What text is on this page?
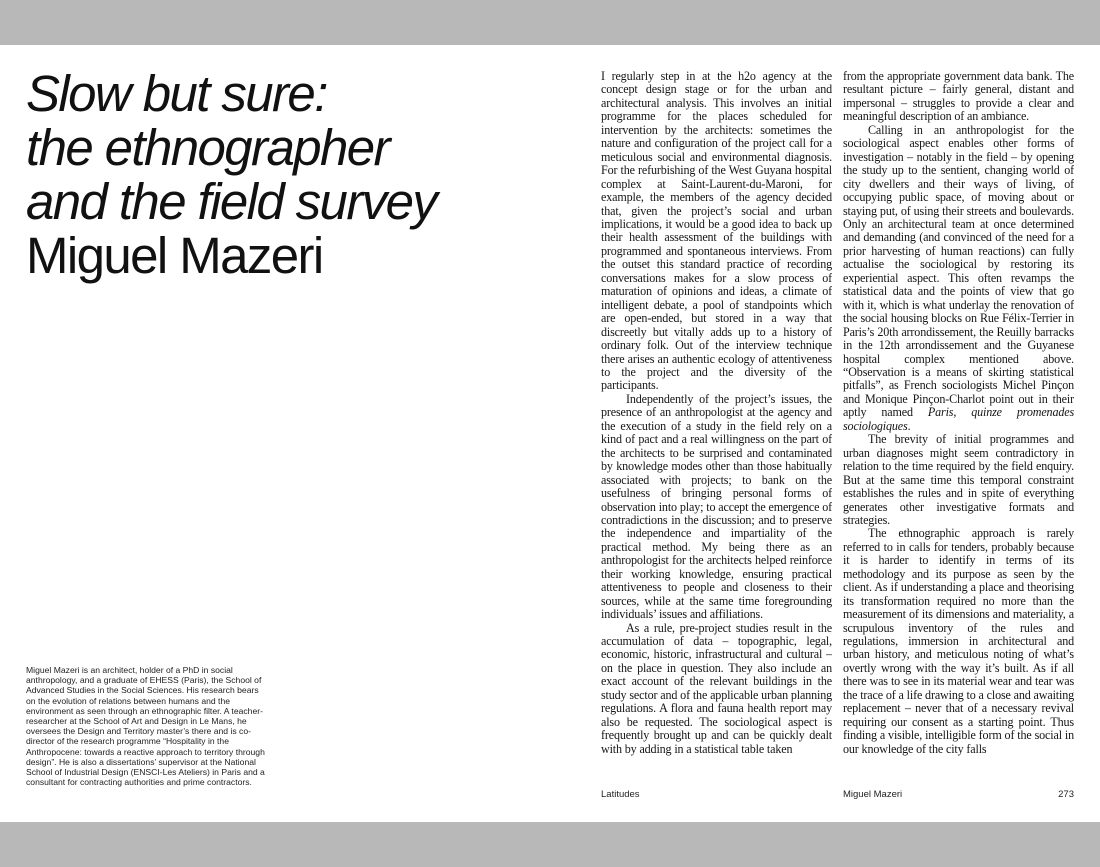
Slow but sure:
the ethnographer
and the field survey
Miguel Mazeri
Miguel Mazeri is an architect, holder of a PhD in social anthropology, and a graduate of EHESS (Paris), the School of Advanced Studies in the Social Sciences. His research bears on the evolution of relations between humans and the environment as seen through an ethnographic filter. A teacher-researcher at the School of Art and Design in Le Mans, he oversees the Design and Territory master’s there and is co-director of the research programme “Hospitality in the Anthropocene: towards a reactive approach to territory through design”. He is also a dissertations’ supervisor at the National School of Industrial Design (ENSCI-Les Ateliers) in Paris and a consultant for contracting authorities and prime contractors.

I regularly step in at the h2o agency at the concept design stage or for the urban and architectural analysis. This involves an initial programme for the places scheduled for intervention by the architects: sometimes the nature and configuration of the project call for a meticulous social and environmental diagnosis. For the refurbishing of the West Guyana hospital complex at Saint-Laurent-du-Maroni, for example, the members of the agency decided that, given the project’s social and urban implications, it would be a good idea to back up their health assessment of the buildings with programmed and spontaneous interviews. From the outset this standard practice of recording conversations makes for a slow process of maturation of opinions and ideas, a climate of intelligent debate, a pool of standpoints which are open-ended, but stored in a way that discreetly but vitally adds up to a history of ordinary folk. Out of the interview technique there arises an authentic ecology of attentiveness to the project and the diversity of the participants.

Independently of the project’s issues, the presence of an anthropologist at the agency and the execution of a study in the field rely on a kind of pact and a real willingness on the part of the architects to be surprised and contaminated by knowledge modes other than those habitually associated with projects; to bank on the usefulness of bringing personal forms of observation into play; to accept the emergence of contradictions in the discussion; and to preserve the independence and impartiality of the practical method. My being there as an anthropologist for the architects helped reinforce their working knowledge, ensuring practical attentiveness to people and closeness to their sources, while at the same time foregrounding individuals’ issues and affiliations.

As a rule, pre-project studies result in the accumulation of data – topographic, legal, economic, historic, infrastructural and cultural – on the place in question. They also include an exact account of the relevant buildings in the study sector and of the applicable urban planning regulations. A flora and fauna health report may also be requested. The sociological aspect is frequently brought up and can be quickly dealt with by adding in a statistical table taken

from the appropriate government data bank. The resultant picture – fairly general, distant and impersonal – struggles to provide a clear and meaningful description of an ambiance.

Calling in an anthropologist for the sociological aspect enables other forms of investigation – notably in the field – by opening the study up to the sentient, changing world of city dwellers and their ways of living, of occupying public space, of moving about or staying put, of using their streets and boulevards. Only an architectural team at once determined and demanding (and convinced of the need for a prior harvesting of human reactions) can fully actualise the sociological by restoring its experiential aspect. This often revamps the statistical data and the points of view that go with it, which is what underlay the renovation of the social housing blocks on Rue Félix-Terrier in Paris’s 20th arrondissement, the Reuilly barracks in the 12th arrondissement and the Guyanese hospital complex mentioned above. “Observation is a means of skirting statistical pitfalls”, as French sociologists Michel Pinçon and Monique Pinçon-Charlot point out in their aptly named Paris, quinze promenades sociologiques.

The brevity of initial programmes and urban diagnoses might seem contradictory in relation to the time required by the field enquiry. But at the same time this temporal constraint establishes the rules and in spite of everything generates other investigative formats and strategies.

The ethnographic approach is rarely referred to in calls for tenders, probably because it is harder to identify in terms of its methodology and its purpose as seen by the client. As if understanding a place and theorising its transformation required no more than the measurement of its dimensions and materiality, a scrupulous inventory of the rules and regulations, immersion in architectural and urban history, and meticulous noting of what’s overtly wrong with the way it’s built. As if all there was to see in its material wear and tear was the trace of a life drawing to a close and awaiting replacement – never that of a necessary revival requiring our consent as a starting point. Thus finding a visible, intelligible form of the social in our knowledge of the city falls

Latitudes	Miguel Mazeri	273
